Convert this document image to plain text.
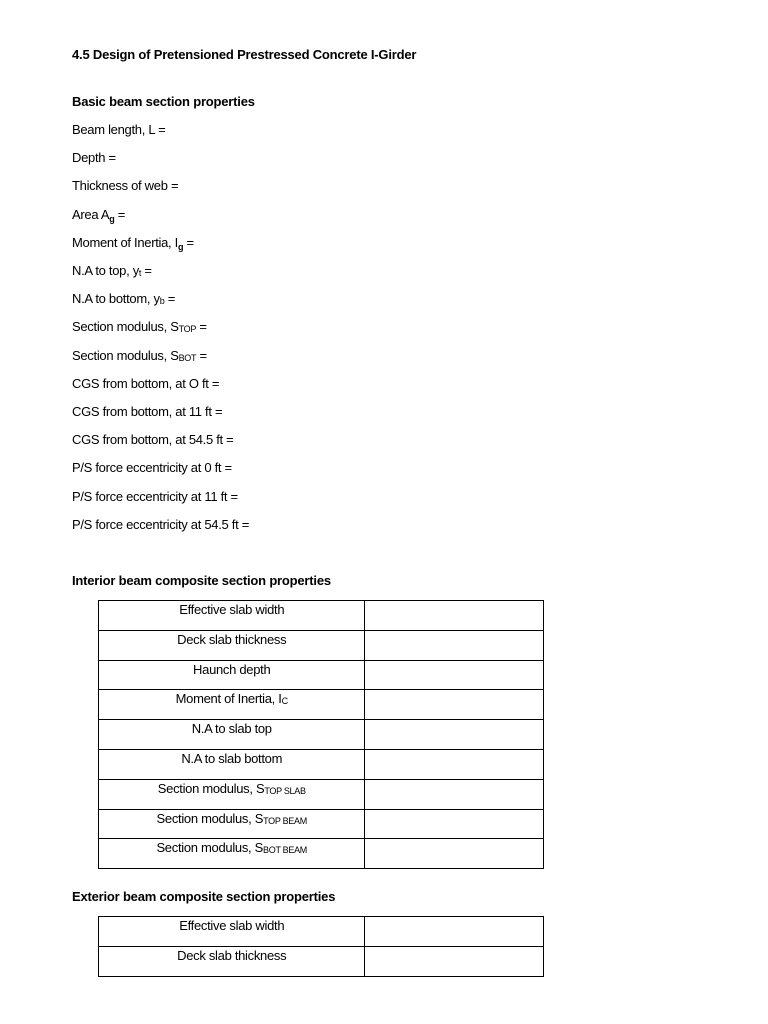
4.5 Design of Pretensioned Prestressed Concrete I-Girder
Basic beam section properties
Beam length, L =
Depth =
Thickness of web =
Area $A_g$ =
Moment of Inertia, $I_g$ =
N.A to top, yt =
N.A to bottom, yb =
Section modulus, STOP =
Section modulus, SBOT =
CGS from bottom, at O ft =
CGS from bottom, at 11 ft =
CGS from bottom, at 54.5 ft =
P/S force eccentricity at 0 ft =
P/S force eccentricity at 11 ft =
P/S force eccentricity at 54.5 ft =
Interior beam composite section properties
Effective slab width	
Deck slab thickness	
Haunch depth	
Moment of Inertia, IC	
N.A to slab top	
N.A to slab bottom	
Section modulus, STOP SLAB	
Section modulus, STOP BEAM	
Section modulus, SBOT BEAM	
Exterior beam composite section properties
Effective slab width	
Deck slab thickness	
